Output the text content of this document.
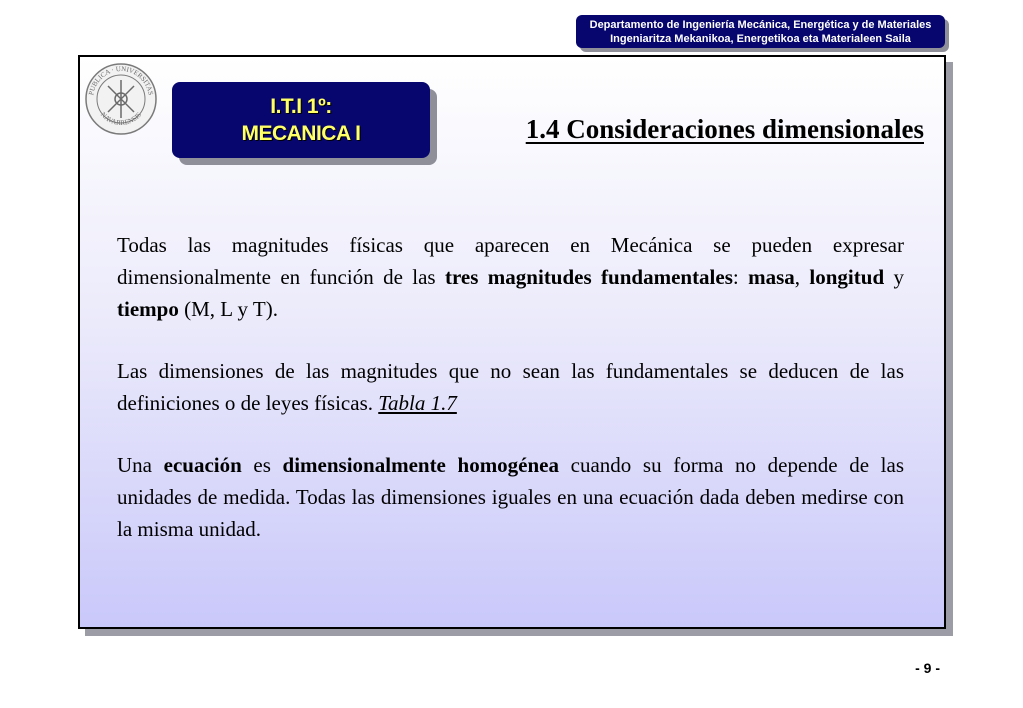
Departamento de Ingeniería Mecánica, Energética y de Materiales
Ingeniaritza Mekanikoa, Energetikoa eta Materialeen Saila
PUBLICA · UNIVERSITAS
NAVARRENSIS	I.T.I 1º:
MECANICA I	1.4 Consideraciones dimensionales

Todas las magnitudes físicas que aparecen en Mecánica se pueden expresar dimensionalmente en función de las tres magnitudes fundamentales: masa, longitud y tiempo (M, L y T).

Las dimensiones de las magnitudes que no sean las fundamentales se deducen de las definiciones o de leyes físicas. Tabla 1.7

Una ecuación es dimensionalmente homogénea cuando su forma no depende de las unidades de medida. Todas las dimensiones iguales en una ecuación dada deben medirse con la misma unidad.

- 9 -
